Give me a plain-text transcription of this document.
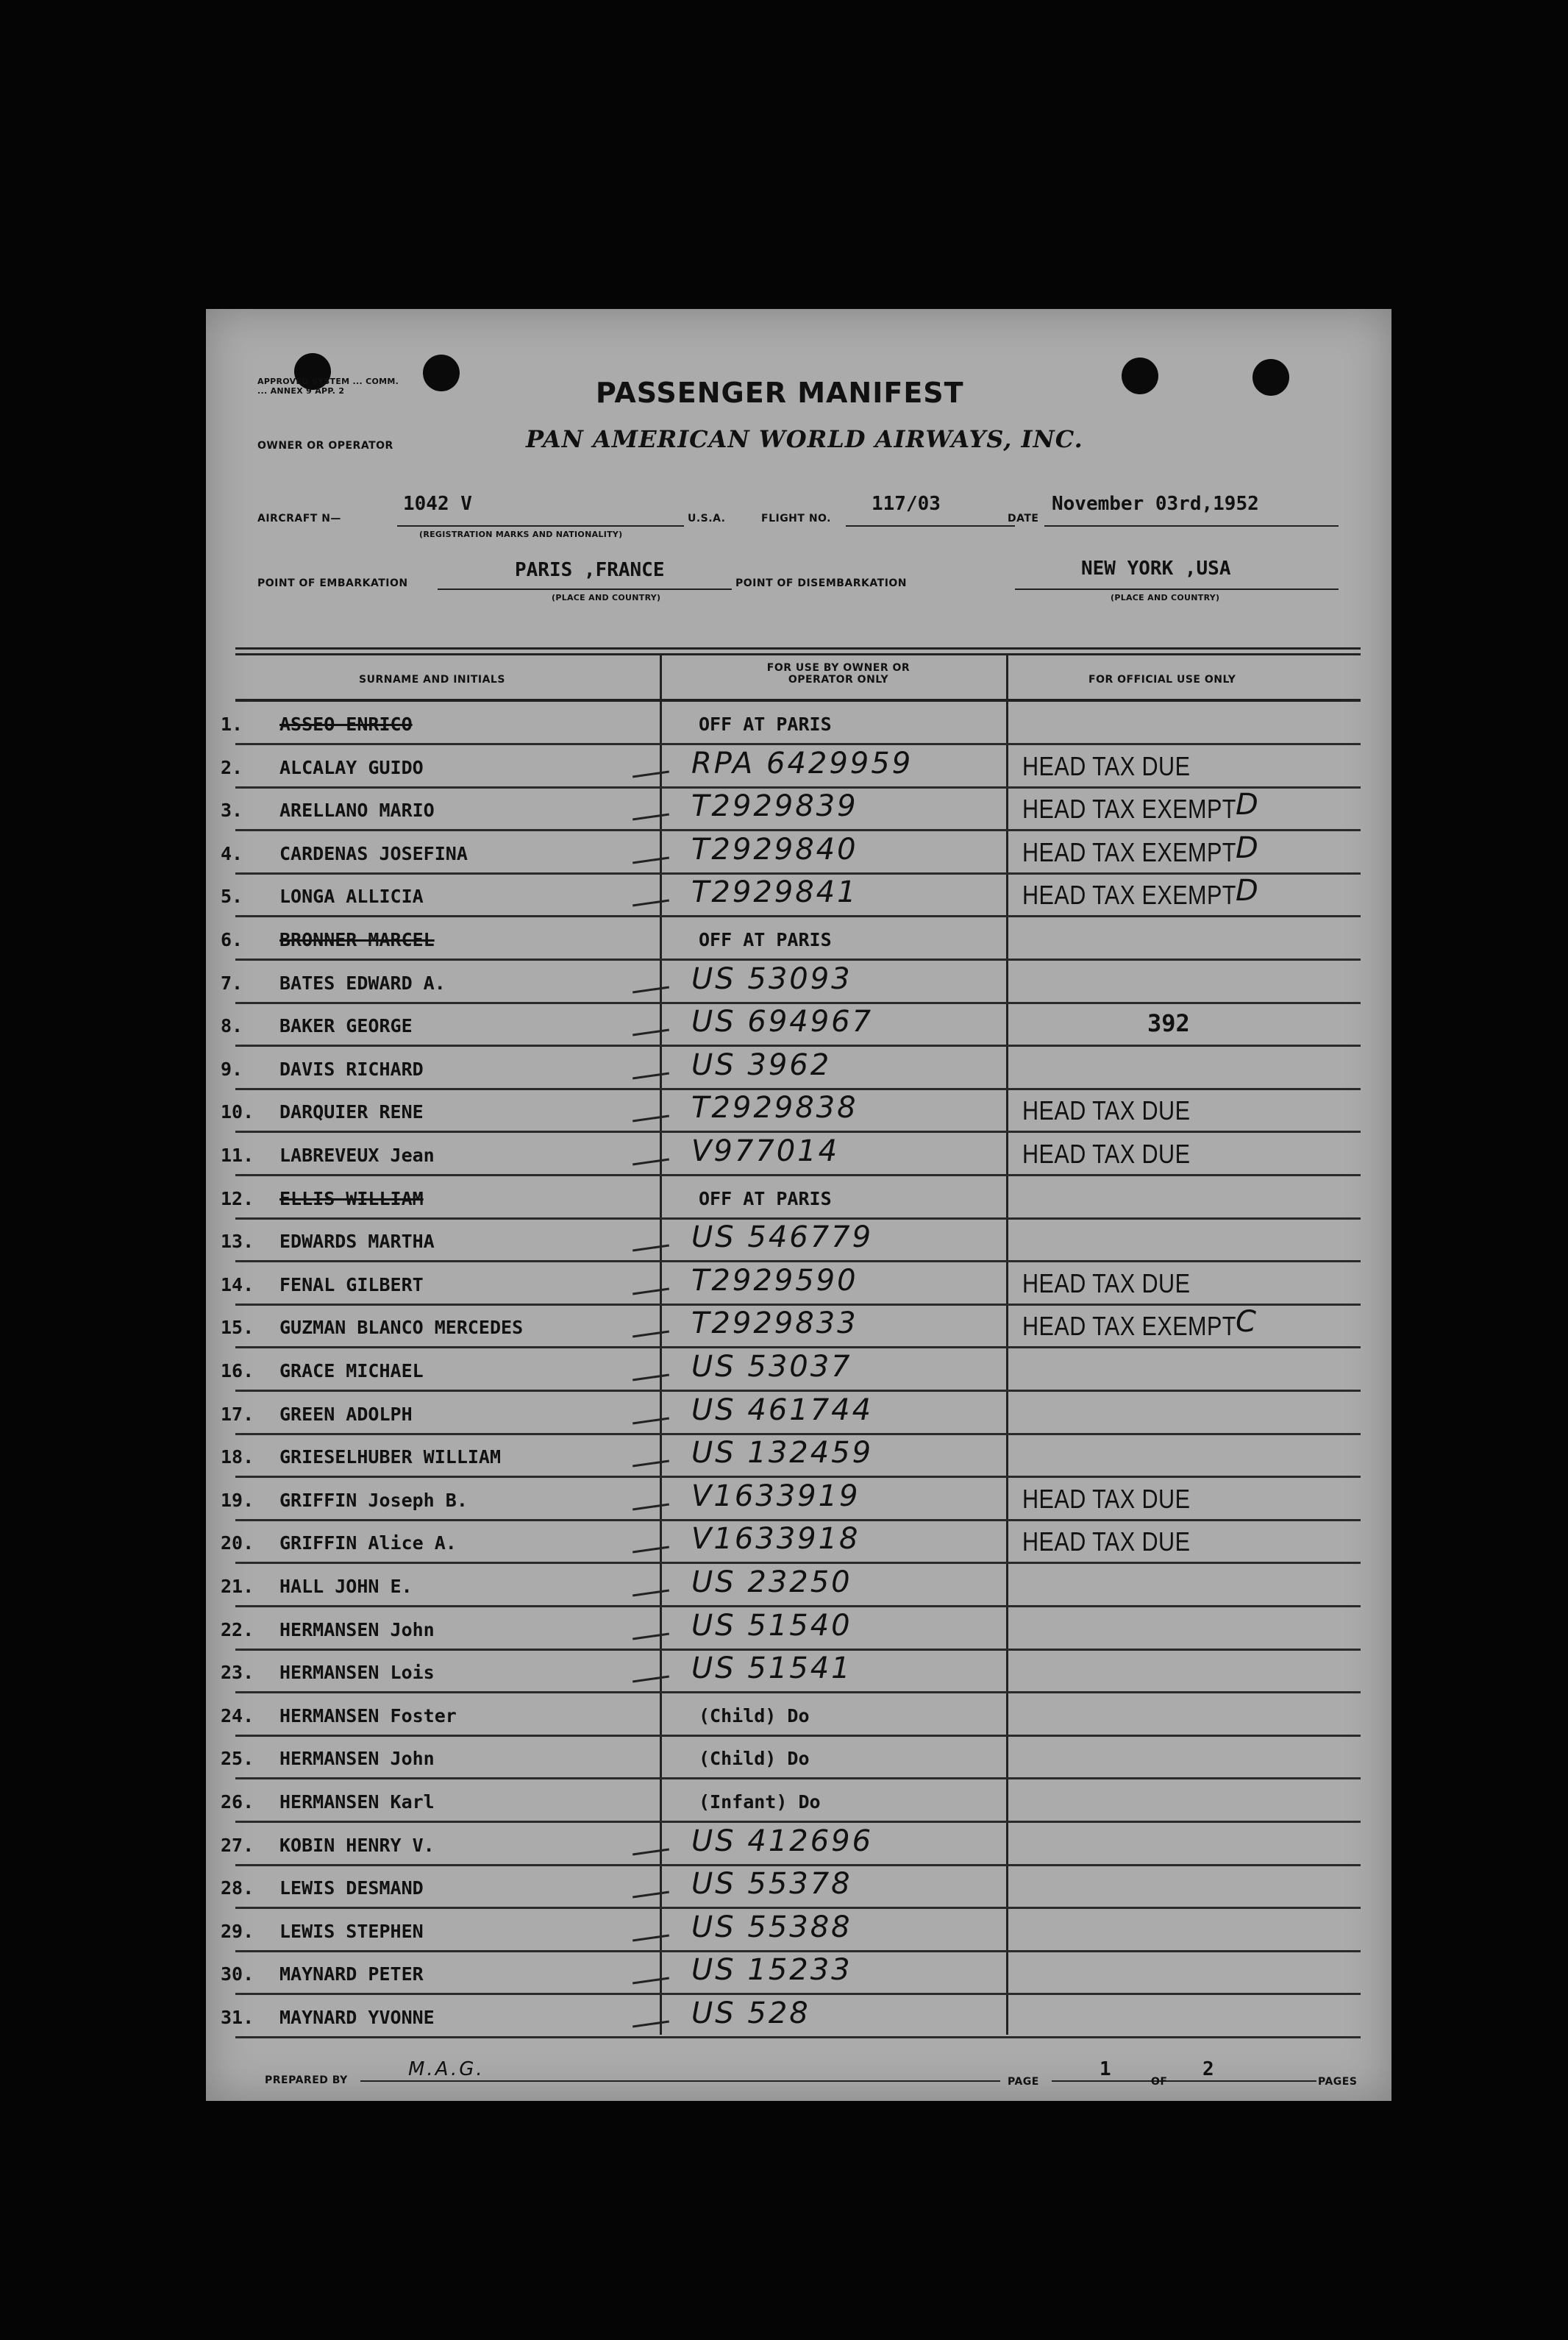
APPROVED SYSTEM ... COMM. ... ANNEX 9 APP. 2	PASSENGER MANIFEST
OWNER OR OPERATOR	PAN AMERICAN WORLD AIRWAYS, INC.
AIRCRAFT N—
1042 V
(REGISTRATION MARKS AND NATIONALITY)
U.S.A.	FLIGHT NO.
117/03
DATE
November 03rd,1952
POINT OF EMBARKATION
PARIS ,FRANCE
(PLACE AND COUNTRY)
POINT OF DISEMBARKATION
NEW YORK ,USA
(PLACE AND COUNTRY)
SURNAME AND INITIALS
FOR USE BY OWNER OR OPERATOR ONLY	FOR OFFICIAL USE ONLY
1. ASSEO ENRICO	OFF AT PARIS
2. ALCALAY GUIDO	RPA 6429959	HEAD TAX DUE
3. ARELLANO MARIO	T2929839	HEAD TAX EXEMPT D
4. CARDENAS JOSEFINA	T2929840	HEAD TAX EXEMPT D
5. LONGA ALLICIA	T2929841	HEAD TAX EXEMPT D
6. BRONNER MARCEL	OFF AT PARIS
7. BATES EDWARD A.	US 53093
8. BAKER GEORGE	US 694967	392
9. DAVIS RICHARD	US 3962
10. DARQUIER RENE	T2929838	HEAD TAX DUE
11. LABREVEUX Jean	V977014	HEAD TAX DUE
12. ELLIS WILLIAM	OFF AT PARIS
13. EDWARDS MARTHA	US 546779
14. FENAL GILBERT	T2929590	HEAD TAX DUE
15. GUZMAN BLANCO MERCEDES	T2929833	HEAD TAX EXEMPT C
16. GRACE MICHAEL	US 53037
17. GREEN ADOLPH	US 461744
18. GRIESELHUBER WILLIAM	US 132459
19. GRIFFIN Joseph B.	V1633919	HEAD TAX DUE
20. GRIFFIN Alice A.	V1633918	HEAD TAX DUE
21. HALL JOHN E.	US 23250
22. HERMANSEN John	US 51540
23. HERMANSEN Lois	US 51541
24. HERMANSEN Foster	(Child) Do
25. HERMANSEN John	(Child) Do
26. HERMANSEN Karl	(Infant) Do
27. KOBIN HENRY V.	US 412696
28. LEWIS DESMAND	US 55378
29. LEWIS STEPHEN	US 55388
30. MAYNARD PETER	US 15233
31. MAYNARD YVONNE	US 528
PREPARED BY	M.A.G.
PAGE
1
OF
2
PAGES
